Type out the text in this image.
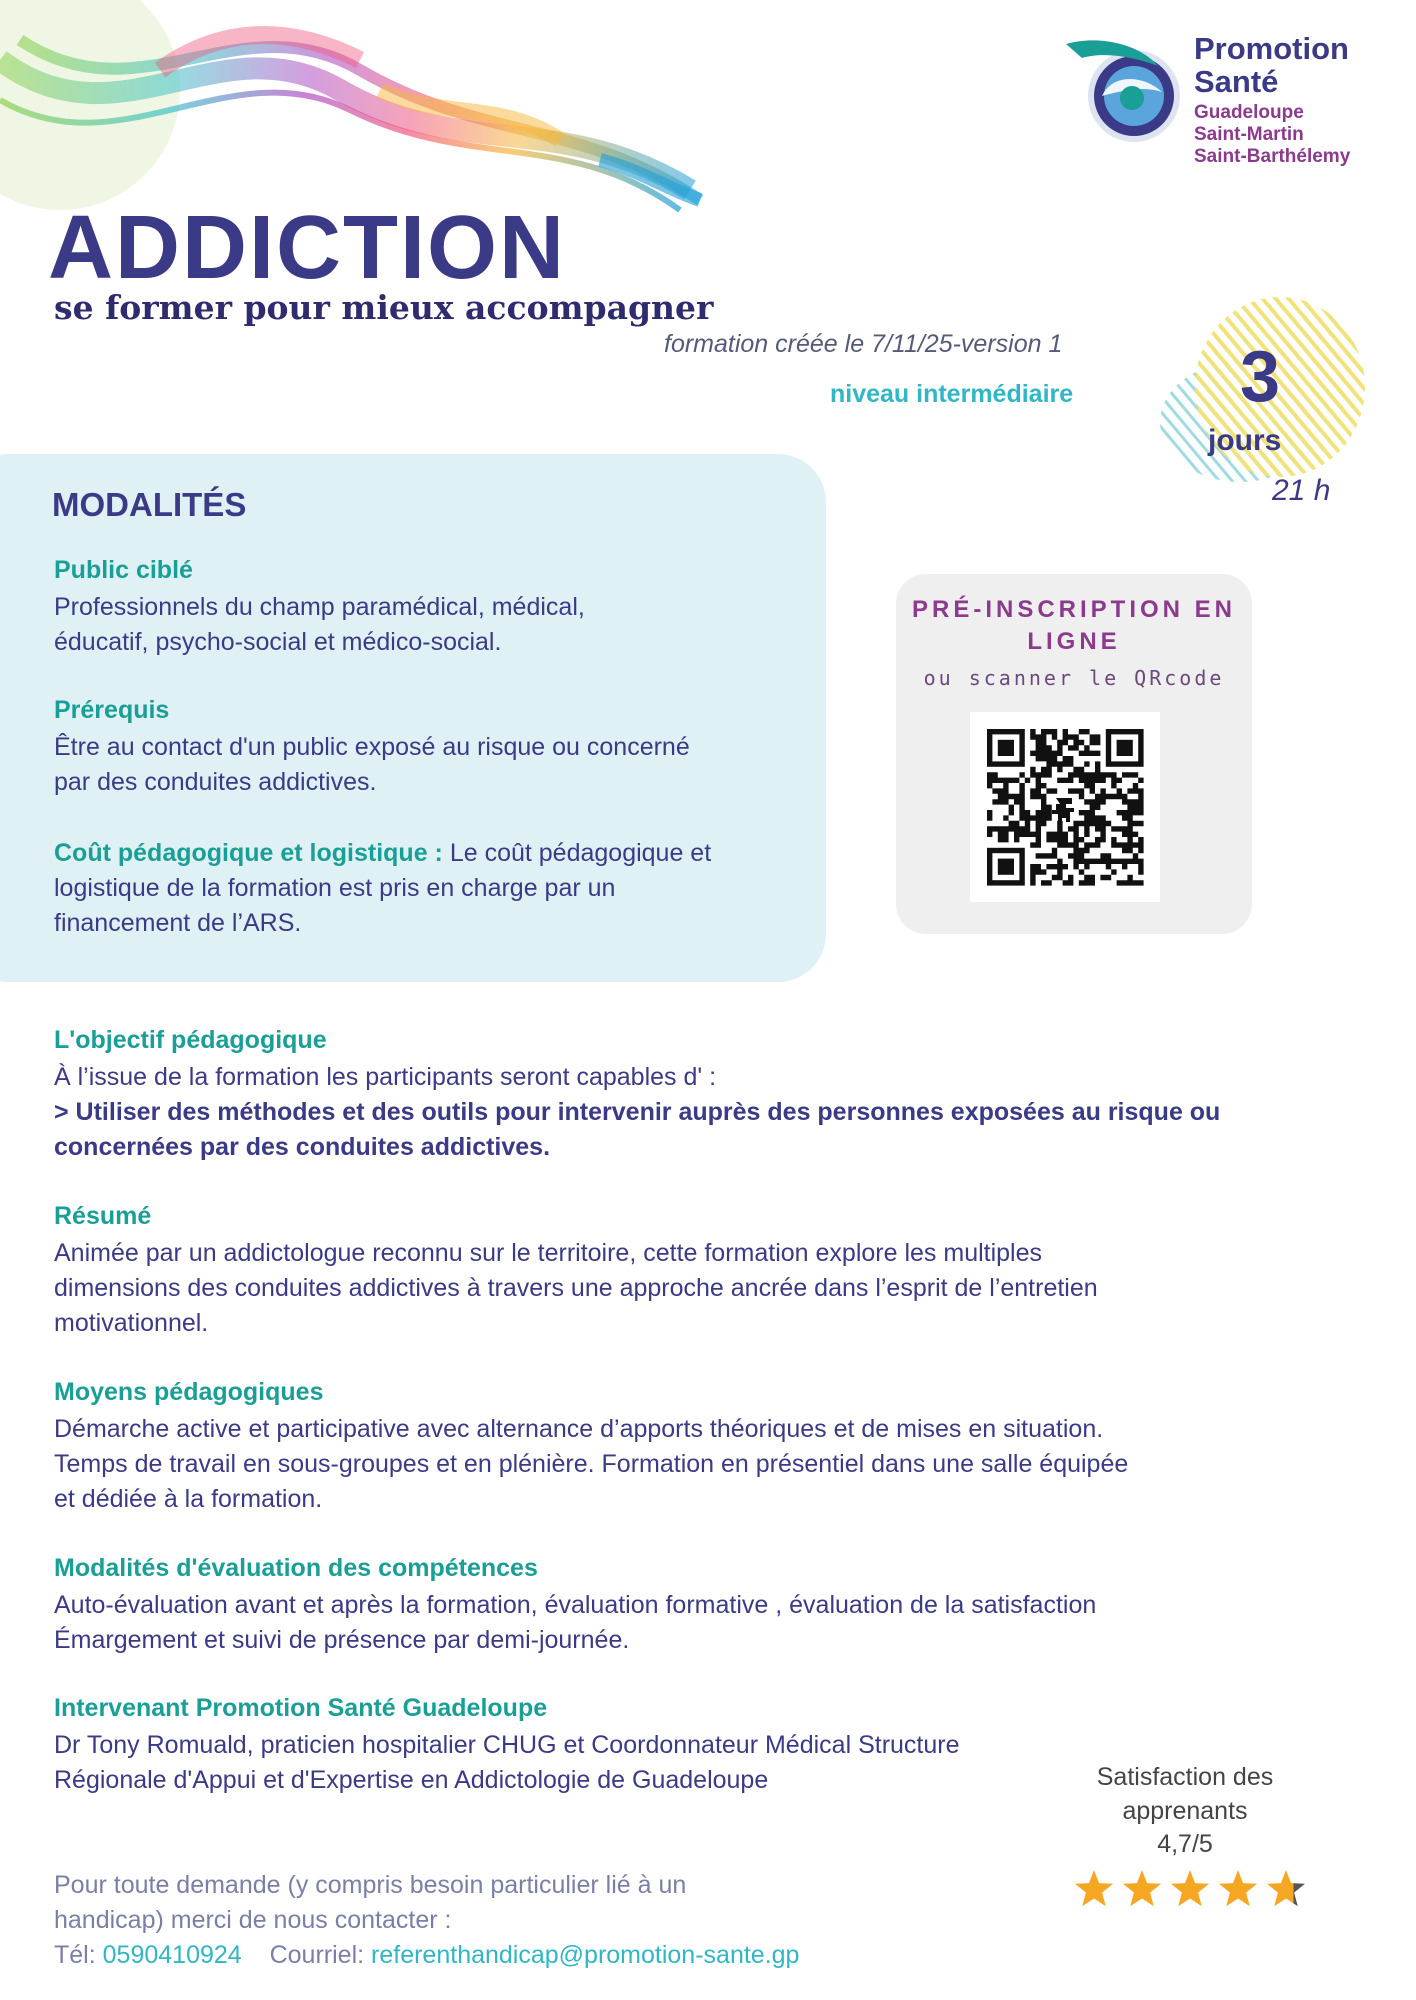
Promotion
Santé
Guadeloupe
Saint-Martin
Saint-Barthélemy
ADDICTION
se former pour mieux accompagner
formation créée le 7/11/25-version 1
niveau intermédiaire 3
jours
21 h
MODALITÉS
Public ciblé
Professionnels du champ paramédical, médical,
éducatif, psycho-social et médico-social.
Prérequis
Être au contact d'un public exposé au risque ou concerné
par des conduites addictives.
Coût pédagogique et logistique : Le coût pédagogique et
logistique de la formation est pris en charge par un
financement de l’ARS.
PRÉ-INSCRIPTION EN
LIGNE
ou scanner le QRcode
L'objectif pédagogique
À l’issue de la formation les participants seront capables d' :
> Utiliser des méthodes et des outils pour intervenir auprès des personnes exposées au risque ou
concernées par des conduites addictives.
Résumé
Animée par un addictologue reconnu sur le territoire, cette formation explore les multiples
dimensions des conduites addictives à travers une approche ancrée dans l’esprit de l’entretien
motivationnel.
Moyens pédagogiques
Démarche active et participative avec alternance d’apports théoriques et de mises en situation.
Temps de travail en sous-groupes et en plénière. Formation en présentiel dans une salle équipée
et dédiée à la formation.
Modalités d'évaluation des compétences
Auto-évaluation avant et après la formation, évaluation formative , évaluation de la satisfaction
Émargement et suivi de présence par demi-journée.
Intervenant Promotion Santé Guadeloupe
Dr Tony Romuald, praticien hospitalier CHUG et Coordonnateur Médical Structure
Régionale d'Appui et d'Expertise en Addictologie de Guadeloupe	Satisfaction des
apprenants
4,7/5
Pour toute demande (y compris besoin particulier lié à un
handicap) merci de nous contacter :
Tél: 0590410924 Courriel: referenthandicap@promotion-sante.gp
